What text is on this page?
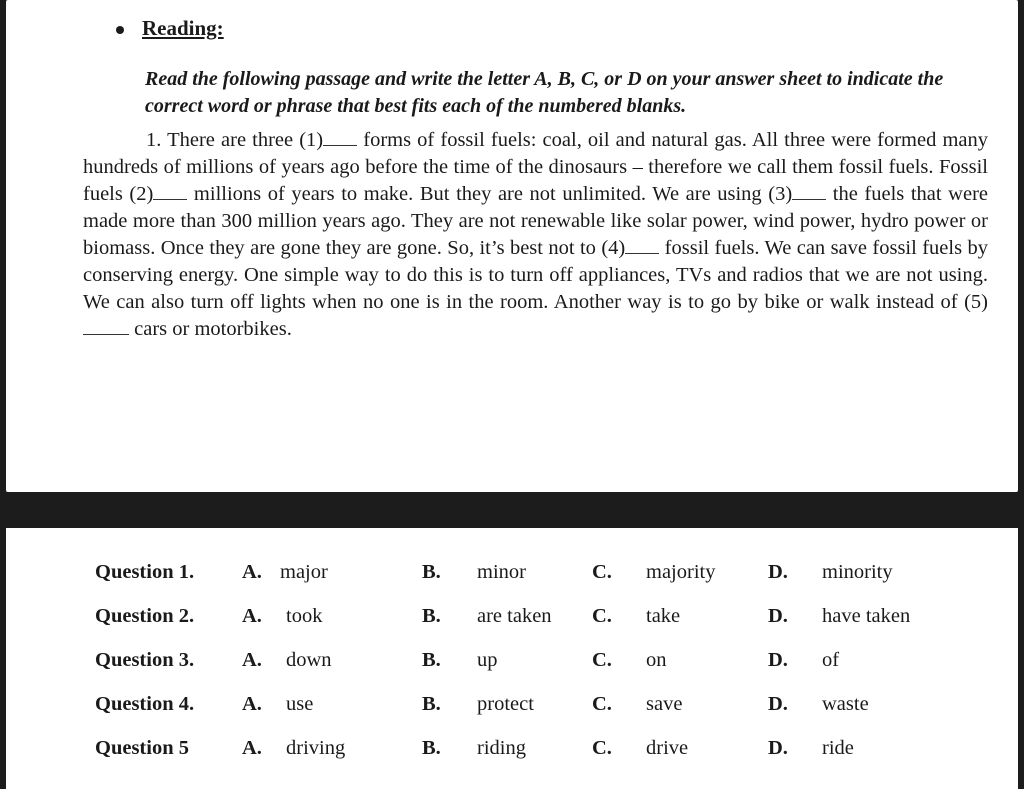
Reading:
Read the following passage and write the letter A, B, C, or D on your answer sheet to indicate the correct word or phrase that best fits each of the numbered blanks.
1. There are three (1) forms of fossil fuels: coal, oil and natural gas. All three were formed many hundreds of millions of years ago before the time of the dinosaurs – therefore we call them fossil fuels. Fossil fuels (2) millions of years to make. But they are not unlimited. We are using (3) the fuels that were made more than 300 million years ago. They are not renewable like solar power, wind power, hydro power or biomass. Once they are gone they are gone. So, it’s best not to (4) fossil fuels. We can save fossil fuels by conserving energy. One simple way to do this is to turn off appliances, TVs and radios that we are not using. We can also turn off lights when no one is in the room. Another way is to go by bike or walk instead of (5) cars or motorbikes.
Question 1. A. major	B. minor	C. majority	D. minority
Question 2. A. took	B. are taken C. take	D. have taken
Question 3. A. down	B. up	C. on	D. of
Question 4. A. use	B. protect	C. save	D. waste
Question 5	A. driving	B. riding	C. drive	D. ride
